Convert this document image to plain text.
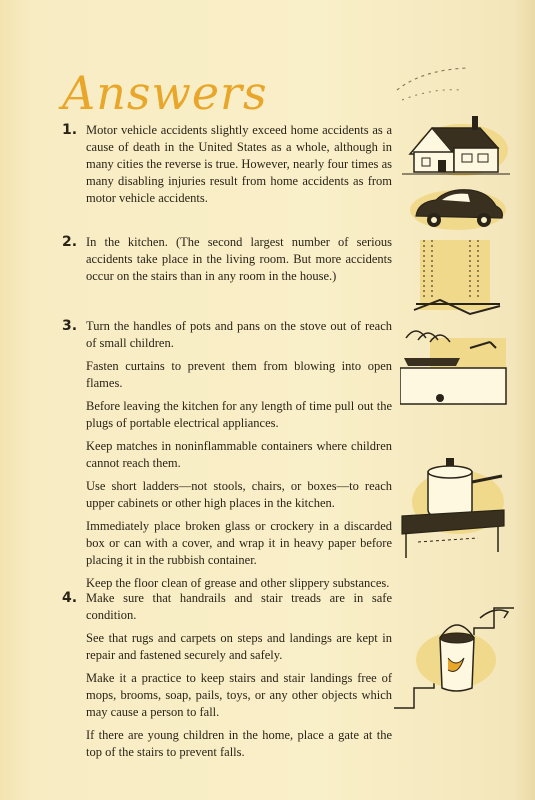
Answers
1. Motor vehicle accidents slightly exceed home accidents as a cause of death in the United States as a whole, although in many cities the reverse is true. However, nearly four times as many disabling injuries result from home accidents as from motor vehicle accidents.

2. In the kitchen. (The second largest number of serious accidents take place in the living room. But more accidents occur on the stairs than in any room in the house.)

3. Turn the handles of pots and pans on the stove out of reach of small children.

Fasten curtains to prevent them from blowing into open flames.

Before leaving the kitchen for any length of time pull out the plugs of portable electrical appliances.

Keep matches in noninflammable containers where children cannot reach them.

Use short ladders—not stools, chairs, or boxes—to reach upper cabinets or other high places in the kitchen.

Immediately place broken glass or crockery in a discarded box or can with a cover, and wrap it in heavy paper before placing it in the rubbish container.

Keep the floor clean of grease and other slippery substances.

4. Make sure that handrails and stair treads are in safe condition.

See that rugs and carpets on steps and landings are kept in repair and fastened securely and safely.

Make it a practice to keep stairs and stair landings free of mops, brooms, soap, pails, toys, or any other objects which may cause a person to fall.

If there are young children in the home, place a gate at the top of the stairs to prevent falls.
